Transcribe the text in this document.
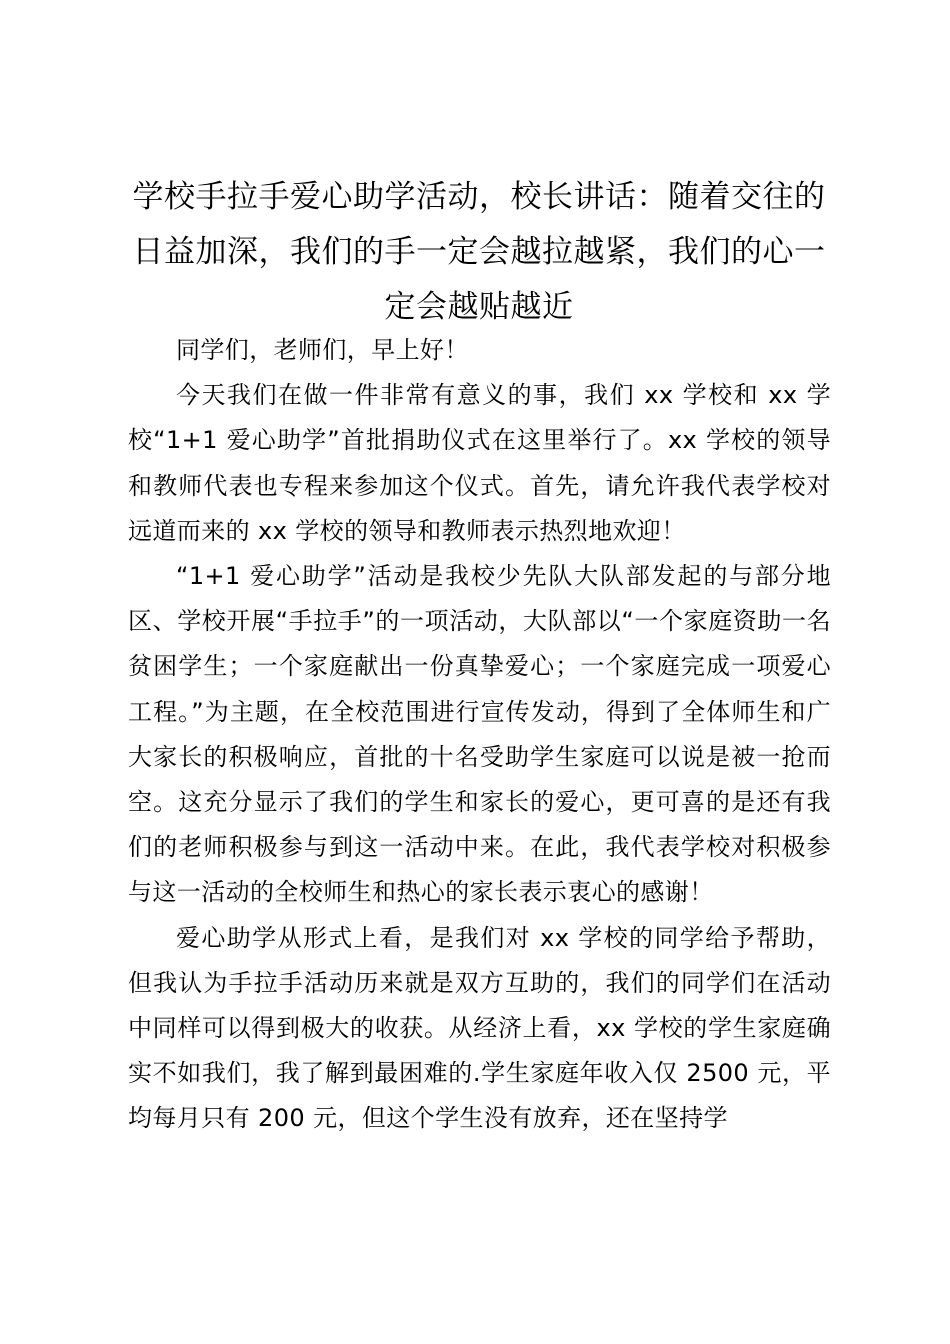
学校手拉手爱心助学活动，校长讲话：随着交往的日益加深，我们的手一定会越拉越紧，我们的心一定会越贴越近

同学们，老师们，早上好！

今天我们在做一件非常有意义的事，我们 xx 学校和 xx 学校“1+1 爱心助学”首批捐助仪式在这里举行了。xx 学校的领导和教师代表也专程来参加这个仪式。首先，请允许我代表学校对远道而来的 xx 学校的领导和教师表示热烈地欢迎！

“1+1 爱心助学”活动是我校少先队大队部发起的与部分地区、学校开展“手拉手”的一项活动，大队部以“一个家庭资助一名贫困学生；一个家庭献出一份真挚爱心；一个家庭完成一项爱心工程。”为主题，在全校范围进行宣传发动，得到了全体师生和广大家长的积极响应，首批的十名受助学生家庭可以说是被一抢而空。这充分显示了我们的学生和家长的爱心，更可喜的是还有我们的老师积极参与到这一活动中来。在此，我代表学校对积极参与这一活动的全校师生和热心的家长表示衷心的感谢！

爱心助学从形式上看，是我们对 xx 学校的同学给予帮助，但我认为手拉手活动历来就是双方互助的，我们的同学们在活动中同样可以得到极大的收获。从经济上看，xx 学校的学生家庭确实不如我们，我了解到最困难的.学生家庭年收入仅 2500 元，平均每月只有 200 元，但这个学生没有放弃，还在坚持学
